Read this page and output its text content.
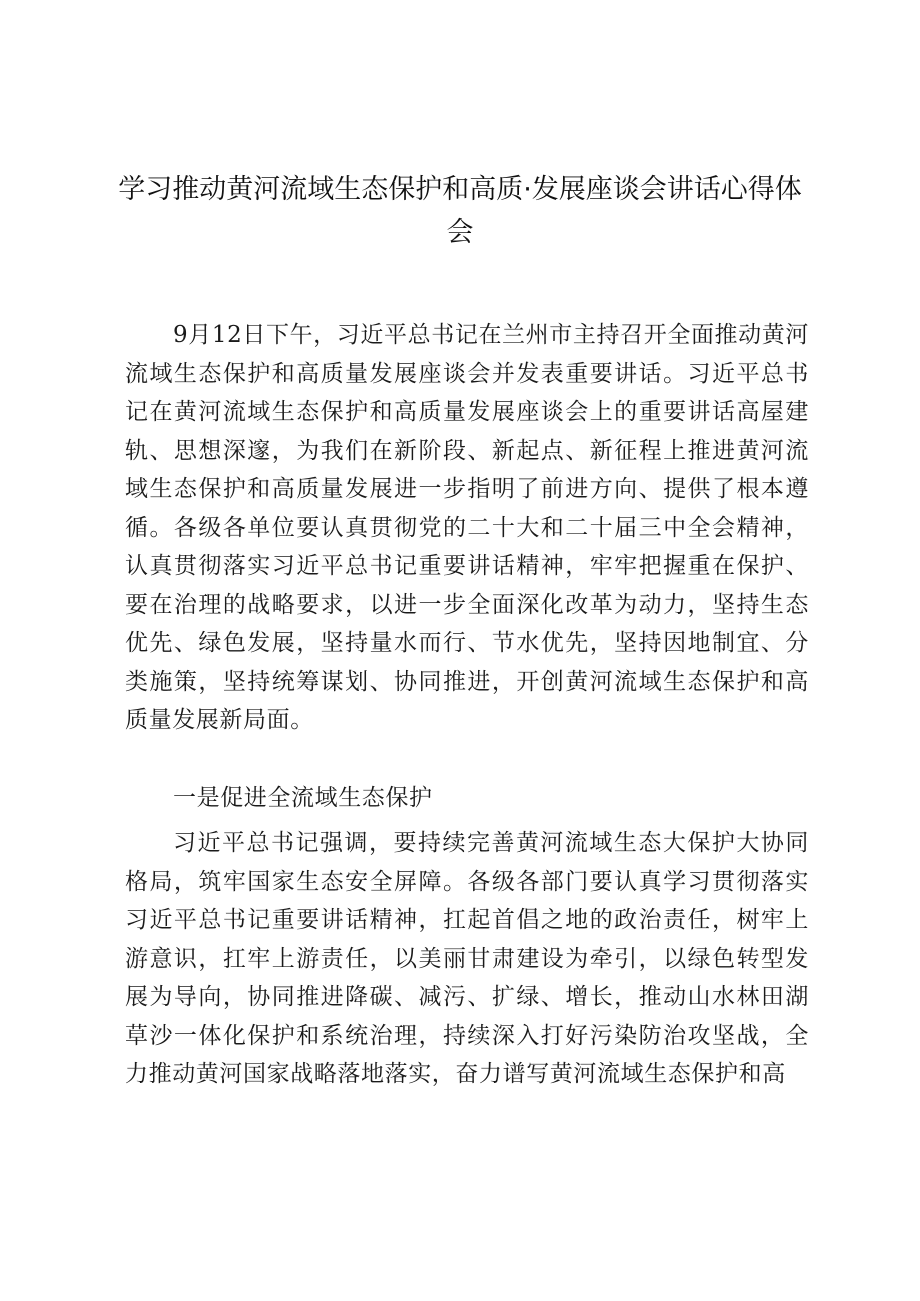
学习推动黄河流域生态保护和高质·发展座谈会讲话心得体会

9月12日下午，习近平总书记在兰州市主持召开全面推动黄河流域生态保护和高质量发展座谈会并发表重要讲话。习近平总书记在黄河流域生态保护和高质量发展座谈会上的重要讲话高屋建轨、思想深邃，为我们在新阶段、新起点、新征程上推进黄河流域生态保护和高质量发展进一步指明了前进方向、提供了根本遵循。各级各单位要认真贯彻党的二十大和二十届三中全会精神，认真贯彻落实习近平总书记重要讲话精神，牢牢把握重在保护、要在治理的战略要求，以进一步全面深化改革为动力，坚持生态优先、绿色发展，坚持量水而行、节水优先，坚持因地制宜、分类施策，坚持统筹谋划、协同推进，开创黄河流域生态保护和高质量发展新局面。

一是促进全流域生态保护

习近平总书记强调，要持续完善黄河流域生态大保护大协同格局，筑牢国家生态安全屏障。各级各部门要认真学习贯彻落实习近平总书记重要讲话精神，扛起首倡之地的政治责任，树牢上游意识，扛牢上游责任，以美丽甘肃建设为牵引，以绿色转型发展为导向，协同推进降碳、减污、扩绿、增长，推动山水林田湖草沙一体化保护和系统治理，持续深入打好污染防治攻坚战，全力推动黄河国家战略落地落实，奋力谱写黄河流域生态保护和高
